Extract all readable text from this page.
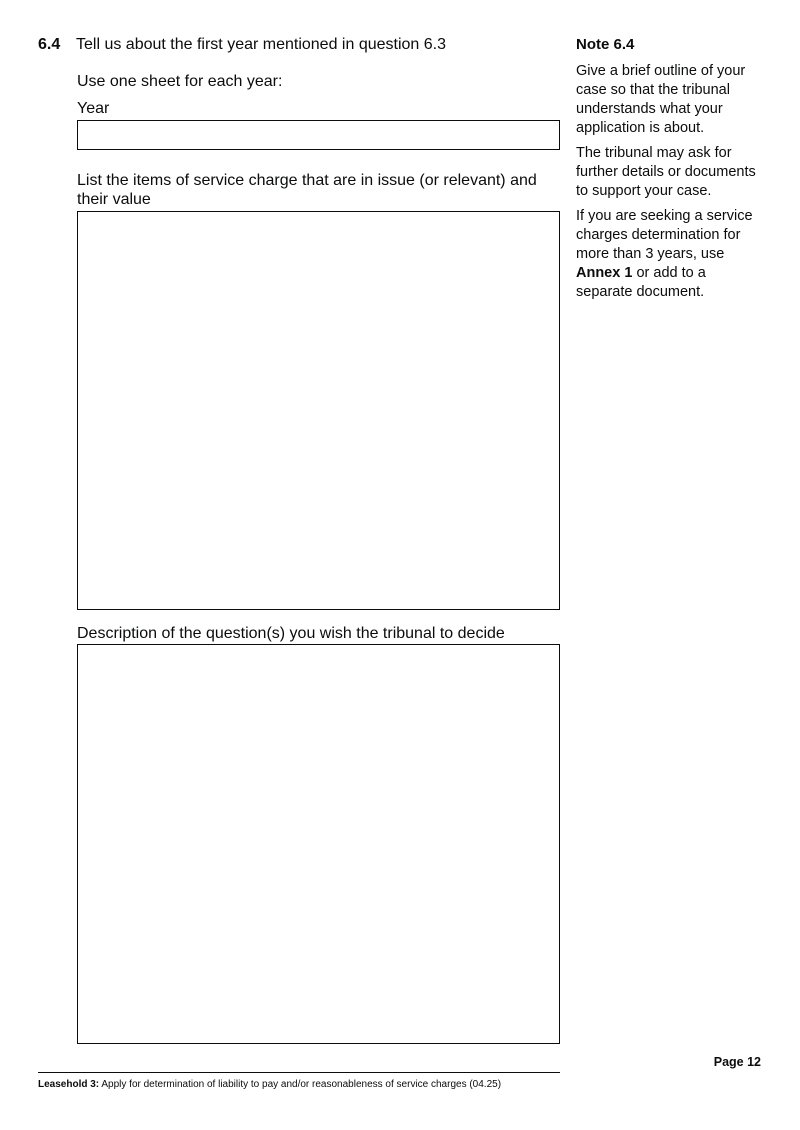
6.4 Tell us about the first year mentioned in question 6.3
Use one sheet for each year:
Year
List the items of service charge that are in issue (or relevant) and their value
Description of the question(s) you wish the tribunal to decide
Note 6.4

Give a brief outline of your case so that the tribunal understands what your application is about.

The tribunal may ask for further details or documents to support your case.

If you are seeking a service charges determination for more than 3 years, use Annex 1 or add to a separate document.

Page 12
Leasehold 3: Apply for determination of liability to pay and/or reasonableness of service charges (04.25)
